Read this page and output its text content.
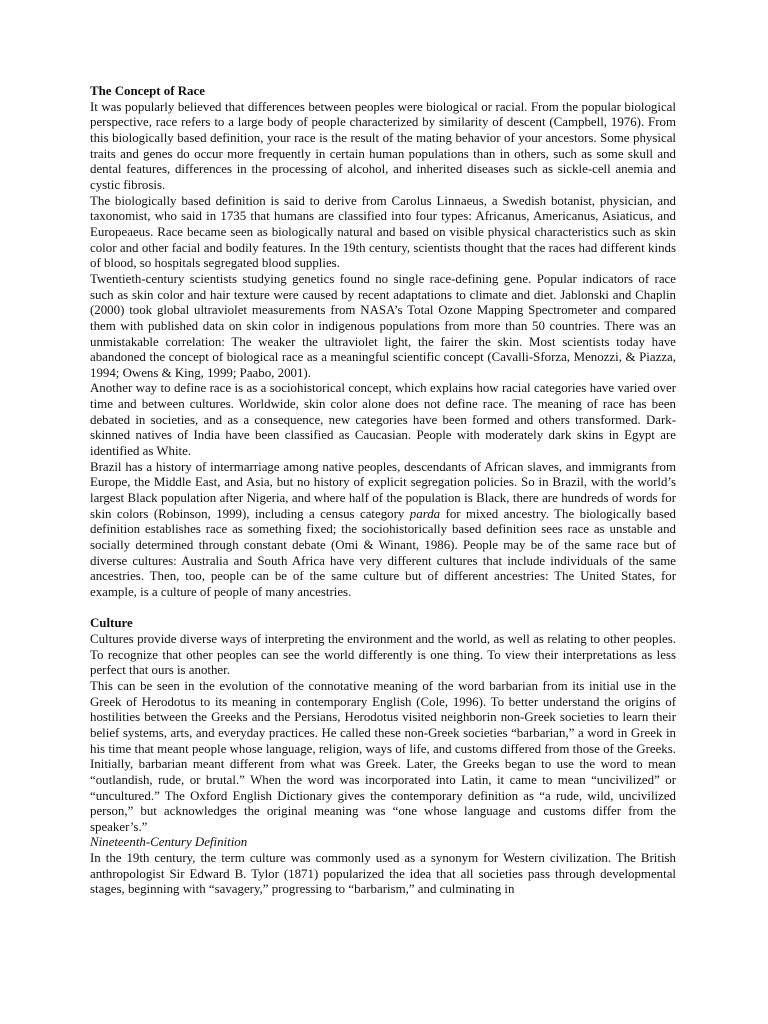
The Concept of Race

It was popularly believed that differences between peoples were biological or racial. From the popular biological perspective, race refers to a large body of people characterized by similarity of descent (Campbell, 1976). From this biologically based definition, your race is the result of the mating behavior of your ancestors. Some physical traits and genes do occur more frequently in certain human populations than in others, such as some skull and dental features, differences in the processing of alcohol, and inherited diseases such as sickle-cell anemia and cystic fibrosis.

The biologically based definition is said to derive from Carolus Linnaeus, a Swedish botanist, physician, and taxonomist, who said in 1735 that humans are classified into four types: Africanus, Americanus, Asiaticus, and Europeaeus. Race became seen as biologically natural and based on visible physical characteristics such as skin color and other facial and bodily features. In the 19th century, scientists thought that the races had different kinds of blood, so hospitals segregated blood supplies.

Twentieth-century scientists studying genetics found no single race-defining gene. Popular indicators of race such as skin color and hair texture were caused by recent adaptations to climate and diet. Jablonski and Chaplin (2000) took global ultraviolet measurements from NASA’s Total Ozone Mapping Spectrometer and compared them with published data on skin color in indigenous populations from more than 50 countries. There was an unmistakable correlation: The weaker the ultraviolet light, the fairer the skin. Most scientists today have abandoned the concept of biological race as a meaningful scientific concept (Cavalli-Sforza, Menozzi, & Piazza, 1994; Owens & King, 1999; Paabo, 2001).

Another way to define race is as a sociohistorical concept, which explains how racial categories have varied over time and between cultures. Worldwide, skin color alone does not define race. The meaning of race has been debated in societies, and as a consequence, new categories have been formed and others transformed. Dark-skinned natives of India have been classified as Caucasian. People with moderately dark skins in Egypt are identified as White.

Brazil has a history of intermarriage among native peoples, descendants of African slaves, and immigrants from Europe, the Middle East, and Asia, but no history of explicit segregation policies. So in Brazil, with the world’s largest Black population after Nigeria, and where half of the population is Black, there are hundreds of words for skin colors (Robinson, 1999), including a census category parda for mixed ancestry. The biologically based definition establishes race as something fixed; the sociohistorically based definition sees race as unstable and socially determined through constant debate (Omi & Winant, 1986). People may be of the same race but of diverse cultures: Australia and South Africa have very different cultures that include individuals of the same ancestries. Then, too, people can be of the same culture but of different ancestries: The United States, for example, is a culture of people of many ancestries.

Culture

Cultures provide diverse ways of interpreting the environment and the world, as well as relating to other peoples. To recognize that other peoples can see the world differently is one thing. To view their interpretations as less perfect that ours is another.

This can be seen in the evolution of the connotative meaning of the word barbarian from its initial use in the Greek of Herodotus to its meaning in contemporary English (Cole, 1996). To better understand the origins of hostilities between the Greeks and the Persians, Herodotus visited neighborin non-Greek societies to learn their belief systems, arts, and everyday practices. He called these non-Greek societies “barbarian,” a word in Greek in his time that meant people whose language, religion, ways of life, and customs differed from those of the Greeks. Initially, barbarian meant different from what was Greek. Later, the Greeks began to use the word to mean “outlandish, rude, or brutal.” When the word was incorporated into Latin, it came to mean “uncivilized” or “uncultured.” The Oxford English Dictionary gives the contemporary definition as “a rude, wild, uncivilized person,” but acknowledges the original meaning was “one whose language and customs differ from the speaker’s.”

Nineteenth-Century Definition

In the 19th century, the term culture was commonly used as a synonym for Western civilization. The British anthropologist Sir Edward B. Tylor (1871) popularized the idea that all societies pass through developmental stages, beginning with “savagery,” progressing to “barbarism,” and culminating in
